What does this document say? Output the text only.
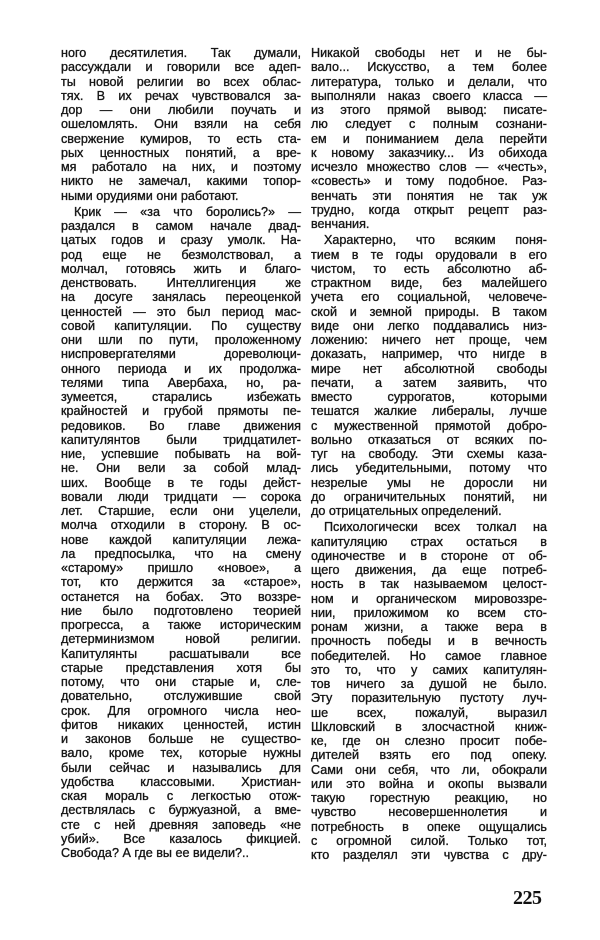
ного десятилетия. Так думали,
рассуждали и говорили все адеп-
ты новой религии во всех облас-
тях. В их речах чувствовался за-
дор — они любили поучать и
ошеломлять. Они взяли на себя
свержение кумиров, то есть ста-
рых ценностных понятий, а вре-
мя работало на них, и поэтому
никто не замечал, какими топор-
ными орудиями они работают.
Крик — «за что боролись?» —
раздался в самом начале двад-
цатых годов и сразу умолк. На-
род еще не безмолствовал, а
молчал, готовясь жить и благо-
денствовать. Интеллигенция же
на досуге занялась переоценкой
ценностей — это был период мас-
совой капитуляции. По существу
они шли по пути, проложенному
ниспровергателями дореволюци-
онного периода и их продолжа-
телями типа Авербаха, но, ра-
зумеется, старались избежать
крайностей и грубой прямоты пе-
редовиков. Во главе движения
капитулянтов были тридцатилет-
ние, успевшие побывать на вой-
не. Они вели за собой млад-
ших. Вообще в те годы дейст-
вовали люди тридцати — сорока
лет. Старшие, если они уцелели,
молча отходили в сторону. В ос-
нове каждой капитуляции лежа-
ла предпосылка, что на смену
«старому» пришло «новое», а
тот, кто держится за «старое»,
останется на бобах. Это воззре-
ние было подготовлено теорией
прогресса, а также историческим
детерминизмом новой религии.
Капитулянты расшатывали все
старые представления хотя бы
потому, что они старые и, сле-
довательно, отслужившие свой
срок. Для огромного числа нео-
фитов никаких ценностей, истин
и законов больше не существо-
вало, кроме тех, которые нужны
были сейчас и назывались для
удобства классовыми. Христиан-
ская мораль с легкостью отож-
дествлялась с буржуазной, а вме-
сте с ней древняя заповедь «не
убий». Все казалось фикцией.
Свобода? А где вы ее видели?..
Никакой свободы нет и не бы-
вало... Искусство, а тем более
литература, только и делали, что
выполняли наказ своего класса —
из этого прямой вывод: писате-
лю следует с полным сознани-
ем и пониманием дела перейти
к новому заказчику... Из обихода
исчезло множество слов — «честь»,
«совесть» и тому подобное. Раз-
венчать эти понятия не так уж
трудно, когда открыт рецепт раз-
венчания.
Характерно, что всяким поня-
тием в те годы орудовали в его
чистом, то есть абсолютно аб-
страктном виде, без малейшего
учета его социальной, человече-
ской и земной природы. В таком
виде они легко поддавались низ-
ложению: ничего нет проще, чем
доказать, например, что нигде в
мире нет абсолютной свободы
печати, а затем заявить, что
вместо суррогатов, которыми
тешатся жалкие либералы, лучше
с мужественной прямотой добро-
вольно отказаться от всяких по-
туг на свободу. Эти схемы каза-
лись убедительными, потому что
незрелые умы не доросли ни
до ограничительных понятий, ни
до отрицательных определений.
Психологически всех толкал на
капитуляцию страх остаться в
одиночестве и в стороне от об-
щего движения, да еще потреб-
ность в так называемом целост-
ном и органическом мировоззре-
нии, приложимом ко всем сто-
ронам жизни, а также вера в
прочность победы и в вечность
победителей. Но самое главное
это то, что у самих капитулян-
тов ничего за душой не было.
Эту поразительную пустоту луч-
ше всех, пожалуй, выразил
Шкловский в злосчастной книж-
ке, где он слезно просит побе-
дителей взять его под опеку.
Сами они себя, что ли, обокрали
или это война и окопы вызвали
такую горестную реакцию, но
чувство несовершеннолетия и
потребность в опеке ощущались
с огромной силой. Только тот,
кто разделял эти чувства с дру-
225
